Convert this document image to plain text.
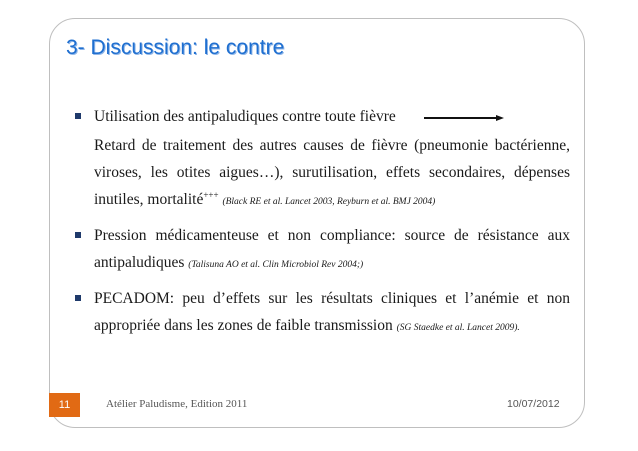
3- Discussion: le contre
Utilisation des antipaludiques contre toute fièvre
Retard de traitement des autres causes de fièvre (pneumonie bactérienne, viroses, les otites aigues…), surutilisation, effets secondaires, dépenses inutiles, mortalité+++ (Black RE et al. Lancet 2003, Reyburn et al. BMJ 2004)
Pression médicamenteuse et non compliance: source de résistance aux antipaludiques (Talisuna AO et al. Clin Microbiol Rev 2004;)
PECADOM: peu d’effets sur les résultats cliniques et l’anémie et non appropriée dans les zones de faible transmission (SG Staedke et al. Lancet 2009).
11	Atélier Paludisme, Edition 2011	10/07/2012
